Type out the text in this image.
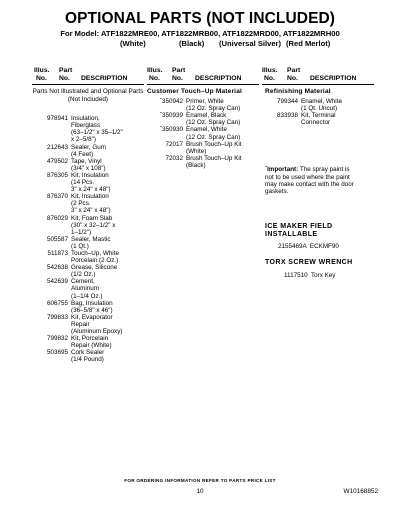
OPTIONAL PARTS (NOT INCLUDED)
For Model: ATF1822MRE00, ATF1822MRB00, ATF1822MRD00, ATF1822MRH00
(White)	(Black) (Universal Silver) (Red Merlot)
Illus.
No.
Part
No. DESCRIPTION
Parts Not Illustrated and Optional Parts (Not Included)
978941 Insulation,
Fiberglass
(63–1/2" x 35–1/2"
x 2–5/8")
212643 Sealer, Gum
(4 Feet)
479502 Tape, Vinyl
(3/4" x 108")
876305 Kit, Insulation
(14 Pcs.
3" x 24" x 48")
876370 Kit, Insulation
(2 Pcs.
3" x 24" x 48")
876029 Kit, Foam Slab
(30" x 32–1/2" x
1–1/2")
505587 Sealer, Mastic
(1 Qt.)
511873 Touch–Up, White
Porcelain (2 Oz.)
542638 Grease, Silicone
(1/2 Oz.)
542639 Cement,
Aluminum
(1–1/4 Oz.)
606755 Bag, Insulation
(36–5/8" x 46")
799833 Kit, Evaporator
Repair
(Aluminum Epoxy)
799832 Kit, Porcelain
Repair (White)
503695 Cork Sealer
(1/4 Pound)
Illus.
No.
Part
No. DESCRIPTION
Customer Touch–Up Material
ˆ350942 Primer, White
(12 Oz. Spray Can)
ˆ350939 Enamel, Black
(12 Oz. Spray Can)
ˆ350930 Enamel, White
(12 Oz. Spray Can)
72017 Brush Touch–Up Kit
(White)
72032 Brush Touch–Up Kit
(Black)
Illus.
No.
Part
No. DESCRIPTION
Refinishing Material
799344 Enamel, White
(1 Qt. Uncut)
833938 Kit, Terminal
Connector
ˆImportant: The spray paint is
not to be used where the paint
may make contact with the door
gaskets.
ICE MAKER FIELD INSTALLABLE
2155469A  ECKMF90
TORX SCREW WRENCH
1117510  Torx Key
FOR ORDERING INFORMATION REFER TO PARTS PRICE LIST
10	W10168852
